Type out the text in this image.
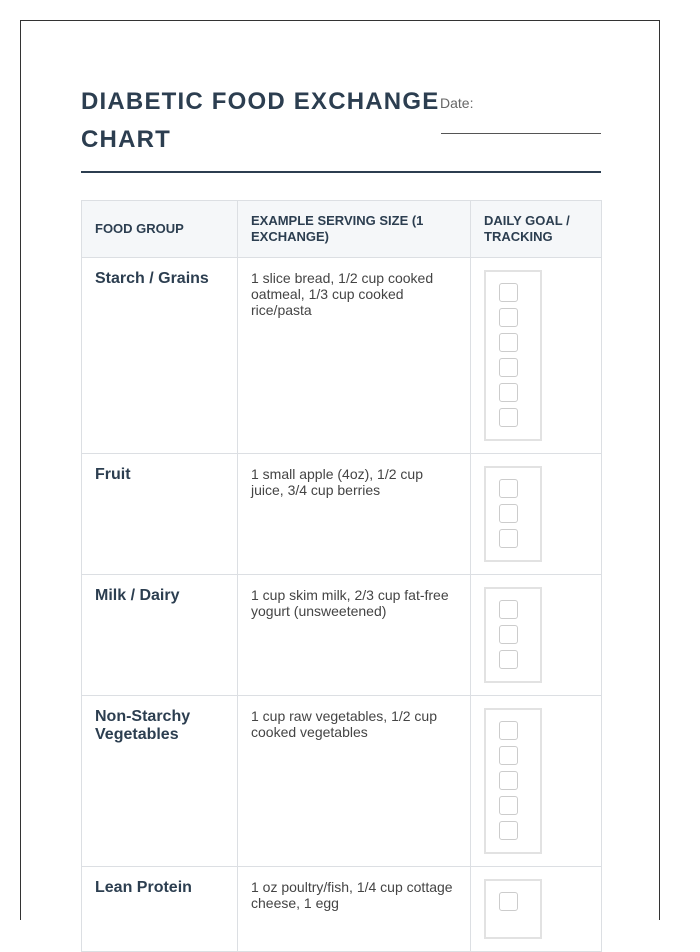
DIABETIC FOOD EXCHANGE CHART
Date:
FOOD GROUP	EXAMPLE SERVING SIZE (1 EXCHANGE)	DAILY GOAL / TRACKING

Starch / Grains	1 slice bread, 1/2 cup cooked oatmeal, 1/3 cup cooked rice/pasta	

Fruit	1 small apple (4oz), 1/2 cup juice, 3/4 cup berries	

Milk / Dairy	1 cup skim milk, 2/3 cup fat-free yogurt (unsweetened)	

Non-Starchy Vegetables	1 cup raw vegetables, 1/2 cup cooked vegetables	

Lean Protein	1 oz poultry/fish, 1/4 cup cottage cheese, 1 egg	
